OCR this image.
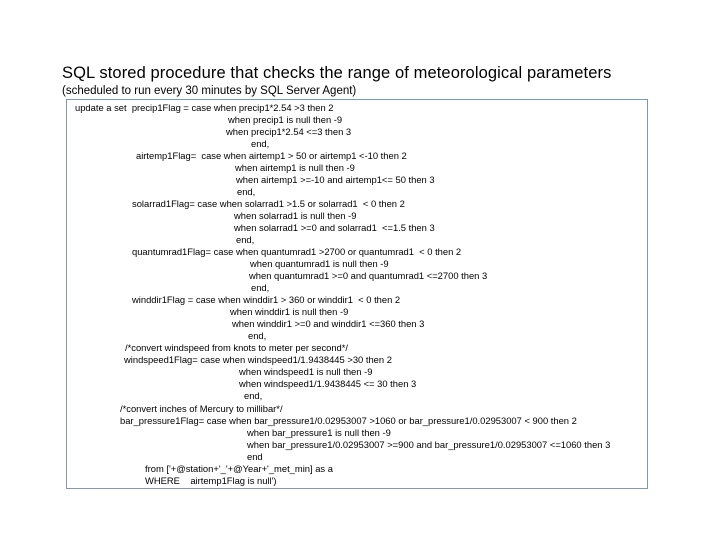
SQL stored procedure that checks the range of meteorological parameters
(scheduled to run every 30 minutes by SQL Server Agent)
update a set  precip1Flag = case when precip1*2.54 >3 then 2
when precip1 is null then -9
when precip1*2.54 <=3 then 3
end,
airtemp1Flag=  case when airtemp1 > 50 or airtemp1 <-10 then 2
when airtemp1 is null then -9
when airtemp1 >=-10 and airtemp1<= 50 then 3
end,
solarrad1Flag= case when solarrad1 >1.5 or solarrad1  < 0 then 2
when solarrad1 is null then -9
when solarrad1 >=0 and solarrad1  <=1.5 then 3
end,
quantumrad1Flag= case when quantumrad1 >2700 or quantumrad1  < 0 then 2
when quantumrad1 is null then -9
when quantumrad1 >=0 and quantumrad1 <=2700 then 3
end,
winddir1Flag = case when winddir1 > 360 or winddir1  < 0 then 2
when winddir1 is null then -9
when winddir1 >=0 and winddir1 <=360 then 3
end,
/*convert windspeed from knots to meter per second*/
windspeed1Flag= case when windspeed1/1.9438445 >30 then 2
when windspeed1 is null then -9
when windspeed1/1.9438445 <= 30 then 3
end,
/*convert inches of Mercury to millibar*/
bar_pressure1Flag= case when bar_pressure1/0.02953007 >1060 or bar_pressure1/0.02953007 < 900 then 2
when bar_pressure1 is null then -9
when bar_pressure1/0.02953007 >=900 and bar_pressure1/0.02953007 <=1060 then 3
end
from ['+@station+'_'+@Year+'_met_min] as a
WHERE    airtemp1Flag is null')
